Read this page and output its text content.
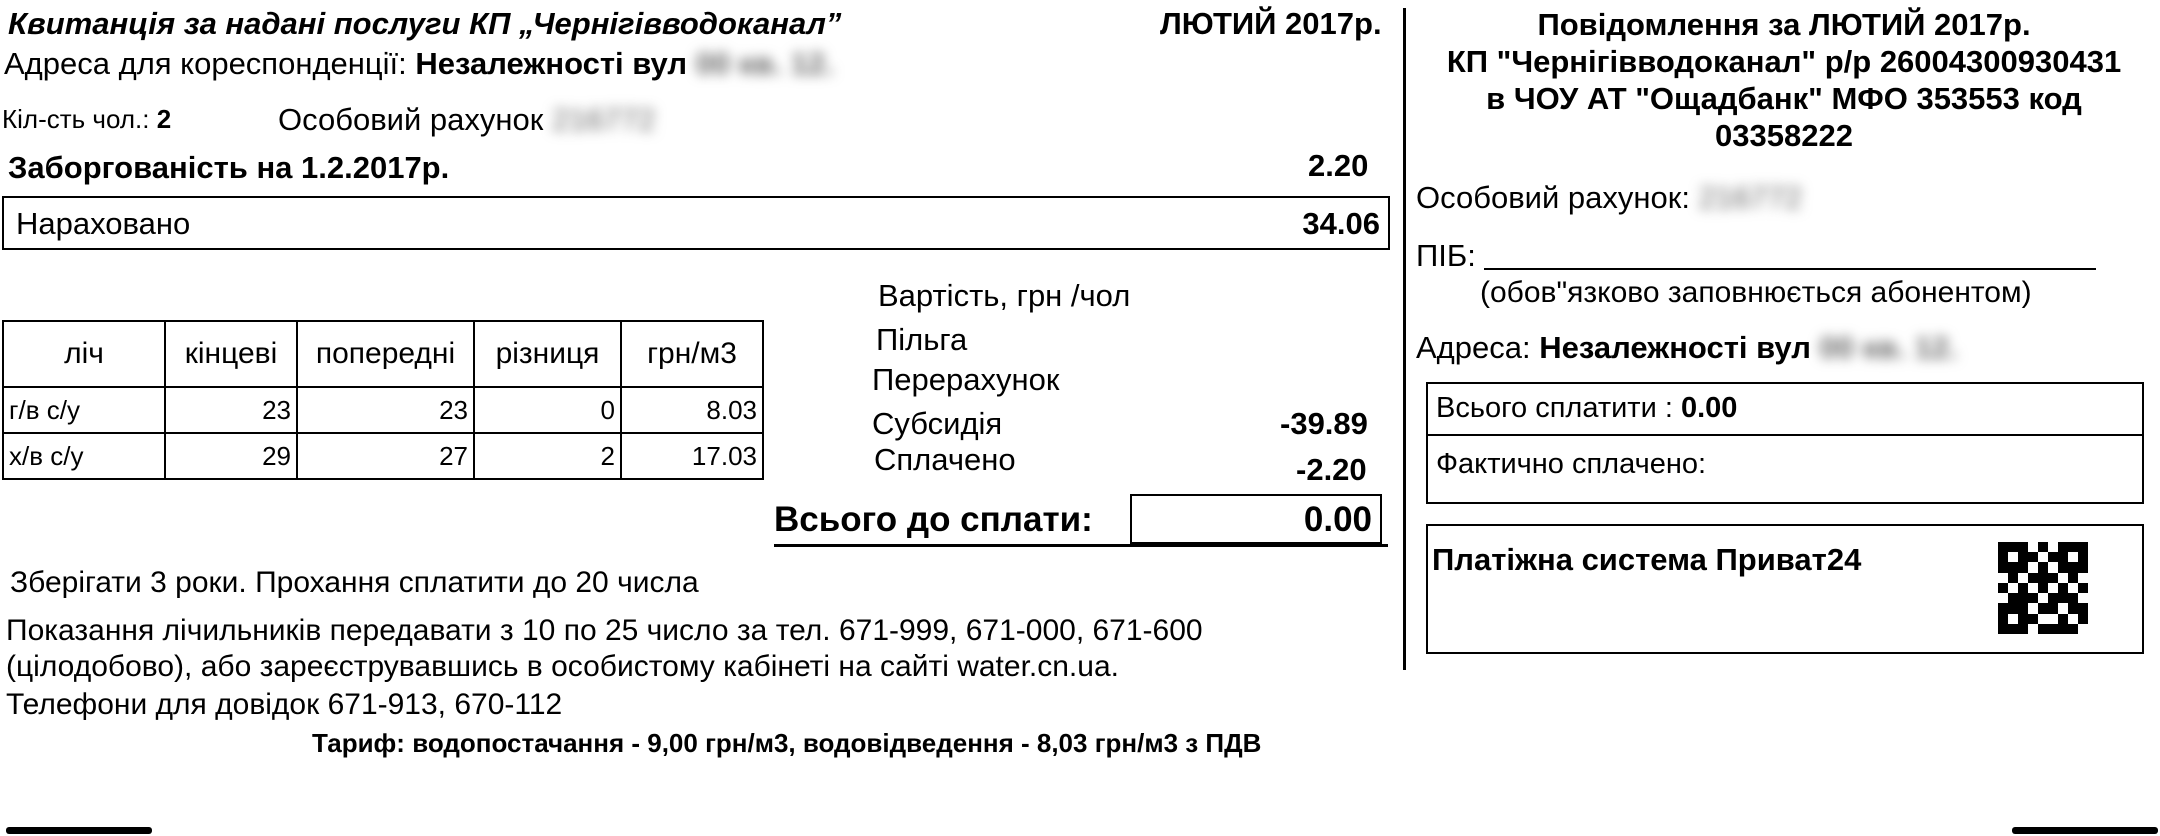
Квитанція за надані послуги КП „Чернігівводоканал”	ЛЮТИЙ 2017р.
Адреса для кореспонденції: Незалежності вул 00 кв. 12.
Кіл-сть чол.: 2	Особовий рахунок 216772
Заборгованість на 1.2.2017р.	2.20
Нараховано	34.06
ліч	кінцеві	попередні	різниця	грн/м3
г/в с/у	23	23	0	8.03
х/в с/у	29	27	2	17.03
Вартість, грн /чол
Пільга
Перерахунок
Субсидія	-39.89
Сплачено	-2.20
Всього до сплати:	0.00
Зберігати 3 роки. Прохання сплатити до 20 числа
Показання лічильників передавати з 10 по 25 число за тел. 671-999, 671-000, 671-600
(цілодобово), або зареєструвавшись в особистому кабінеті на сайті water.cn.ua.
Телефони для довідок 671-913, 670-112
Тариф: водопостачання - 9,00 грн/м3, водовідведення - 8,03 грн/м3 з ПДВ
Повідомлення за ЛЮТИЙ 2017р.
КП "Чернігівводоканал" р/р 26004300930431
в ЧОУ АТ "Ощадбанк" МФО 353553 код
03358222
Особовий рахунок: 216772
ПІБ:
(обов"язково заповнюється абонентом)
Адреса: Незалежності вул 00 кв. 12.
Всього сплатити : 0.00
Фактично сплачено:
Платіжна система Приват24
